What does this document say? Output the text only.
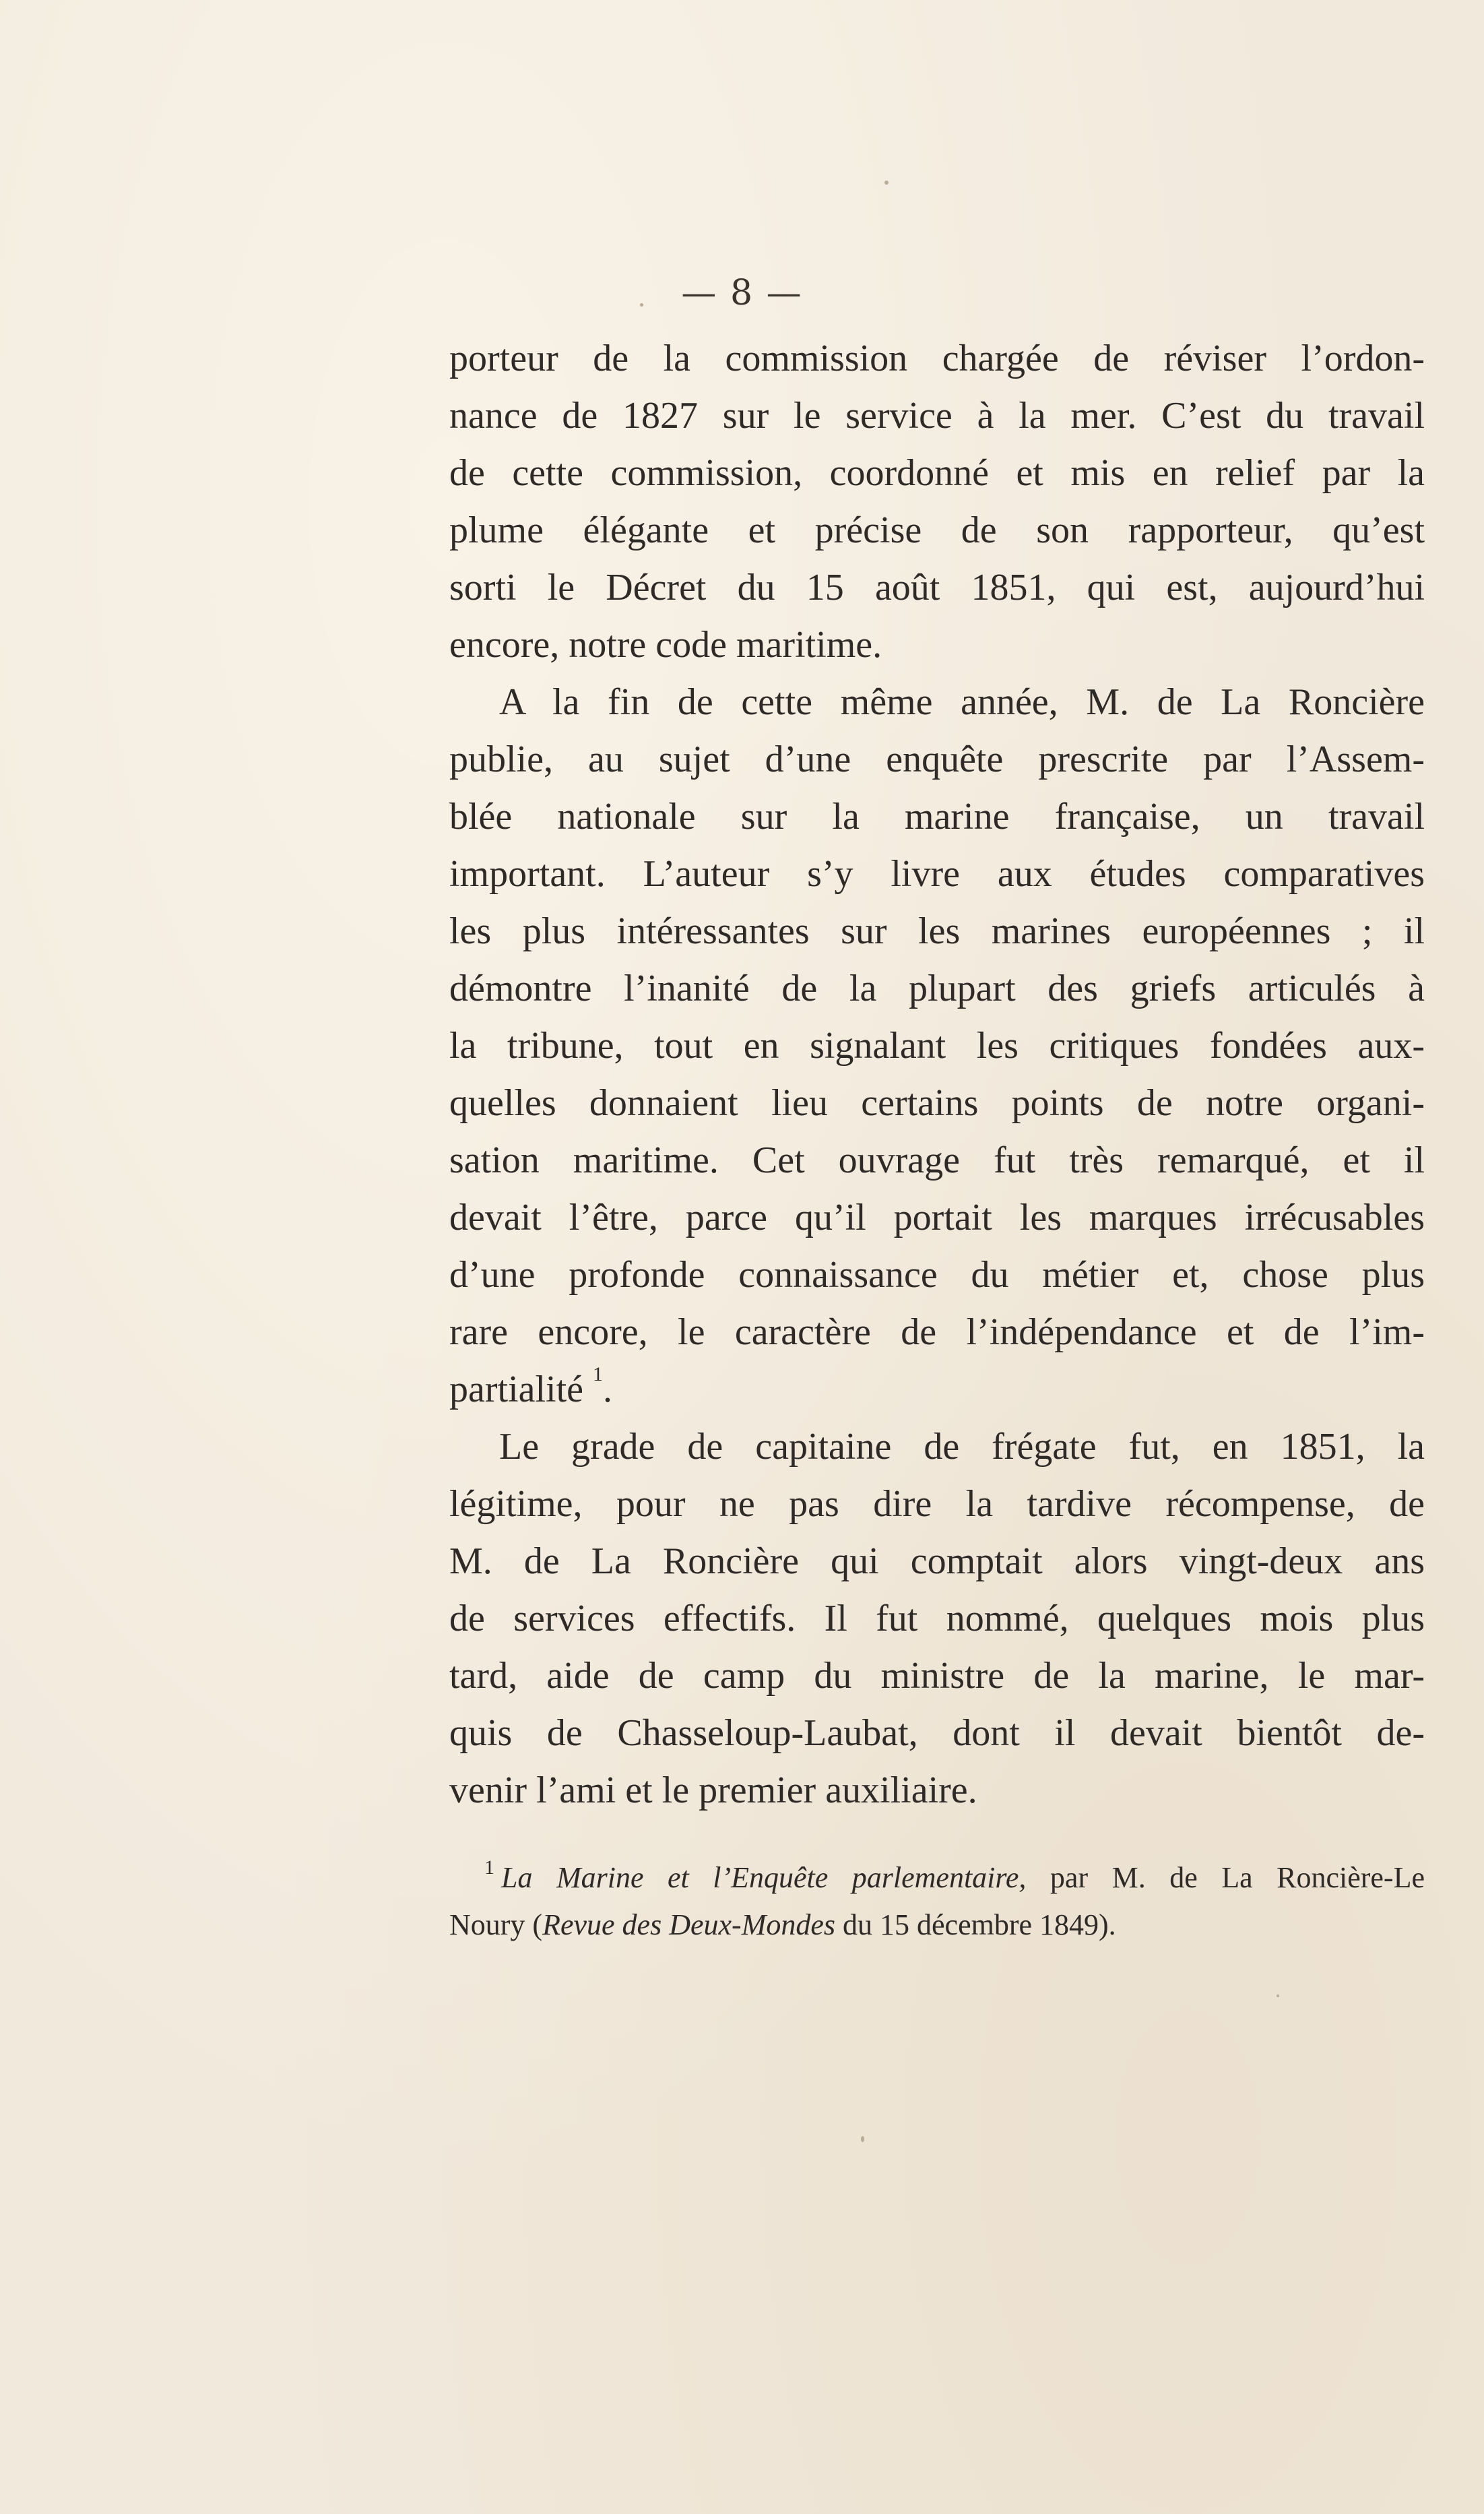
— 8 —
porteur de la commission chargée de réviser l’ordon-
nance de 1827 sur le service à la mer. C’est du travail
de cette commission, coordonné et mis en relief par la
plume élégante et précise de son rapporteur, qu’est
sorti le Décret du 15 août 1851, qui est, aujourd’hui
encore, notre code maritime.
A la fin de cette même année, M. de La Roncière
publie, au sujet d’une enquête prescrite par l’Assem-
blée nationale sur la marine française, un travail
important. L’auteur s’y livre aux études comparatives
les plus intéressantes sur les marines européennes ; il
démontre l’inanité de la plupart des griefs articulés à
la tribune, tout en signalant les critiques fondées aux-
quelles donnaient lieu certains points de notre organi-
sation maritime. Cet ouvrage fut très remarqué, et il
devait l’être, parce qu’il portait les marques irrécusables
d’une profonde connaissance du métier et, chose plus
rare encore, le caractère de l’indépendance et de l’im-
partialité $^1$.
Le grade de capitaine de frégate fut, en 1851, la
légitime, pour ne pas dire la tardive récompense, de
M. de La Roncière qui comptait alors vingt-deux ans
de services effectifs. Il fut nommé, quelques mois plus
tard, aide de camp du ministre de la marine, le mar-
quis de Chasseloup-Laubat, dont il devait bientôt de-
venir l’ami et le premier auxiliaire.
$^1$ La Marine et l’Enquête parlementaire, par M. de La Roncière-Le
Noury (Revue des Deux-Mondes du 15 décembre 1849).
